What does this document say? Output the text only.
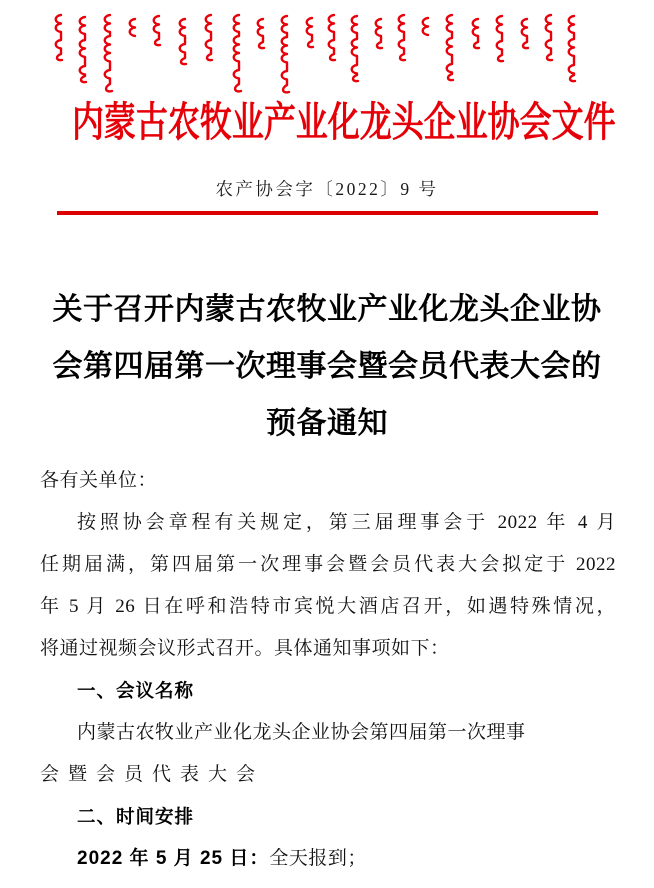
内蒙古农牧业产业化龙头企业协会文件
农产协会字〔2022〕9 号
关于召开内蒙古农牧业产业化龙头企业协
会第四届第一次理事会暨会员代表大会的
预备通知
各有关单位：
按照协会章程有关规定，第三届理事会于 2022 年 4 月
任期届满，第四届第一次理事会暨会员代表大会拟定于 2022
年 5 月 26 日在呼和浩特市宾悦大酒店召开，如遇特殊情况，
将通过视频会议形式召开。具体通知事项如下：
一、会议名称
内蒙古农牧业产业化龙头企业协会第四届第一次理事
会暨会员代表大会
二、时间安排
2022 年 5 月 25 日：全天报到；
